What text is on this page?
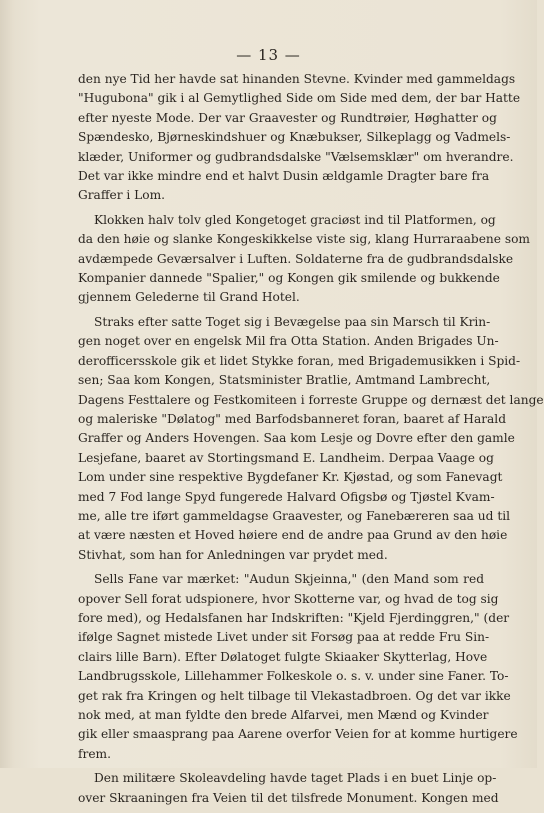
— 13 —
den nye Tid her havde sat hinanden Stevne. Kvinder med gammeldags
"Hugubona" gik i al Gemytlighed Side om Side med dem, der bar Hatte
efter nyeste Mode. Der var Graavester og Rundtrøier, Høghatter og
Spændesko, Bjørneskindshuer og Knæbukser, Silkeplagg og Vadmels-
klæder, Uniformer og gudbrandsdalske "Vælsemsklær" om hverandre.
Det var ikke mindre end et halvt Dusin ældgamle Dragter bare fra
Graffer i Lom.
Klokken halv tolv gled Kongetoget graciøst ind til Platformen, og
da den høie og slanke Kongeskikkelse viste sig, klang Hurraraabene som
avdæmpede Geværsalver i Luften. Soldaterne fra de gudbrandsdalske
Kompanier dannede "Spalier," og Kongen gik smilende og bukkende
gjennem Gelederne til Grand Hotel.
Straks efter satte Toget sig i Bevægelse paa sin Marsch til Krin-
gen noget over en engelsk Mil fra Otta Station. Anden Brigades Un-
derofficersskole gik et lidet Stykke foran, med Brigademusikken i Spid-
sen; Saa kom Kongen, Statsminister Bratlie, Amtmand Lambrecht,
Dagens Festtalere og Festkomiteen i forreste Gruppe og dernæst det lange
og maleriske "Dølatog" med Barfodsbanneret foran, baaret af Harald
Graffer og Anders Hovengen. Saa kom Lesje og Dovre efter den gamle
Lesjefane, baaret av Stortingsmand E. Landheim. Derpaa Vaage og
Lom under sine respektive Bygdefaner Kr. Kjøstad, og som Fanevagt
med 7 Fod lange Spyd fungerede Halvard Ofigsbø og Tjøstel Kvam-
me, alle tre iført gammeldagse Graavester, og Fanebæreren saa ud til
at være næsten et Hoved høiere end de andre paa Grund av den høie
Stivhat, som han for Anledningen var prydet med.
Sells Fane var mærket: "Audun Skjeinna," (den Mand som red
opover Sell forat udspionere, hvor Skotterne var, og hvad de tog sig
fore med), og Hedalsfanen har Indskriften: "Kjeld Fjerdinggren," (der
ifølge Sagnet mistede Livet under sit Forsøg paa at redde Fru Sin-
clairs lille Barn). Efter Dølatoget fulgte Skiaaker Skytterlag, Hove
Landbrugsskole, Lillehammer Folkeskole o. s. v. under sine Faner. To-
get rak fra Kringen og helt tilbage til Vlekastadbroen. Og det var ikke
nok med, at man fyldte den brede Alfarvei, men Mænd og Kvinder
gik eller smaasprang paa Aarene overfor Veien for at komme hurtigere
frem.
Den militære Skoleavdeling havde taget Plads i en buet Linje op-
over Skraaningen fra Veien til det tilsfrede Monument. Kongen med
